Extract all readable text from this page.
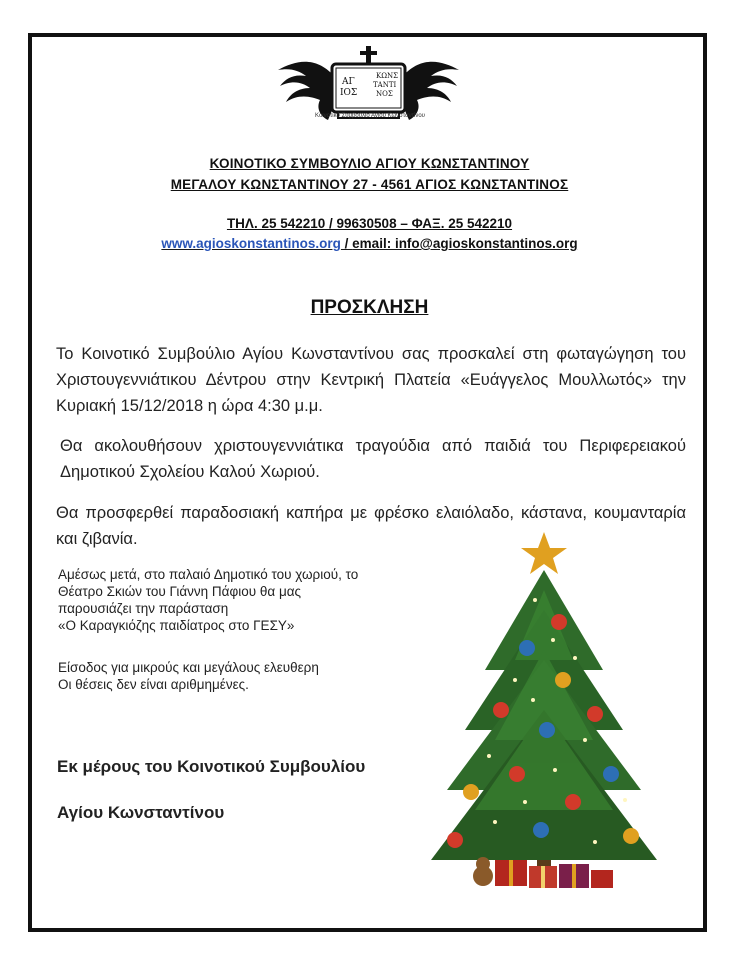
ΑΓ ΙΟΣ
ΚΩΝΣ ΤΑΝΤΙ ΝΟΣ
Κοινοτικό Συμβούλιο Αγίου Κωνσταντίνου
ΚΟΙΝΟΤΙΚΟ ΣΥΜΒΟΥΛΙΟ ΑΓΙΟΥ ΚΩΝΣΤΑΝΤΙΝΟΥ
ΜΕΓΑΛΟΥ ΚΩΝΣΤΑΝΤΙΝΟΥ 27 - 4561 ΑΓΙΟΣ ΚΩΝΣΤΑΝΤΙΝΟΣ
ΤΗΛ. 25 542210 / 99630508 – ΦΑΞ. 25 542210
www.agioskonstantinos.org / email: info@agioskonstantinos.org
ΠΡΟΣΚΛΗΣΗ
Το Κοινοτικό Συμβούλιο Αγίου Κωνσταντίνου σας προσκαλεί στη φωταγώγηση του Χριστουγεννιάτικου Δέντρου στην Κεντρική Πλατεία «Ευάγγελος Μουλλωτός» την Κυριακή 15/12/2018 η ώρα 4:30 μ.μ.
Θα ακολουθήσουν χριστουγεννιάτικα τραγούδια από παιδιά του Περιφερειακού Δημοτικού Σχολείου Καλού Χωριού.
Θα προσφερθεί παραδοσιακή καπήρα με φρέσκο ελαιόλαδο, κάστανα, κουμανταρία και ζιβανία.
Αμέσως μετά, στο παλαιό Δημοτικό του χωριού, το
Θέατρο Σκιών του Γιάννη Πάφιου θα μας
παρουσιάζει την παράσταση
«Ο Καραγκιόζης παιδίατρος στο ΓΕΣΥ»
Είσοδος για μικρούς και μεγάλους ελευθερη
Οι θέσεις δεν είναι αριθμημένες.
Εκ μέρους του Κοινοτικού Συμβουλίου
Αγίου Κωνσταντίνου
